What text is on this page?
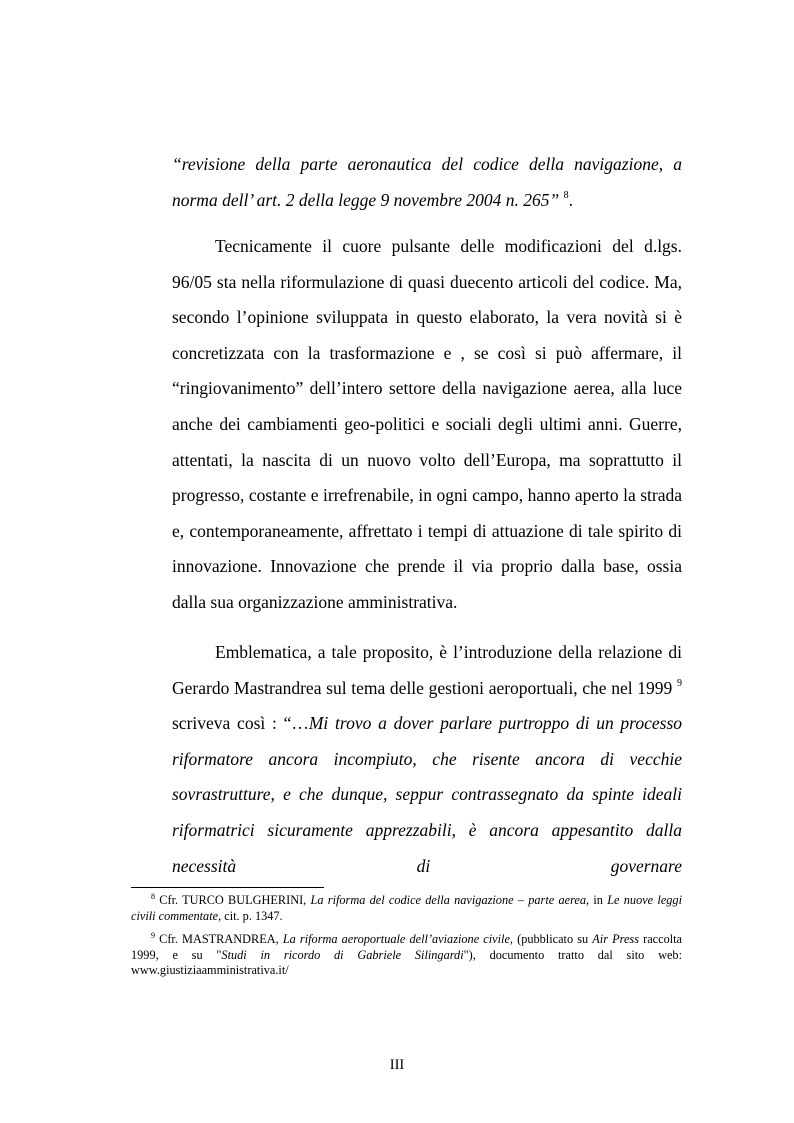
“revisione della parte aeronautica del codice della navigazione, a norma dell’ art. 2 della legge 9 novembre 2004 n. 265” $^8$.
Tecnicamente il cuore pulsante delle modificazioni del d.lgs. 96/05 sta nella riformulazione di quasi duecento articoli del codice. Ma, secondo l’opinione sviluppata in questo elaborato, la vera novità si è concretizzata con la trasformazione e , se così si può affermare, il “ringiovanimento” dell’intero settore della navigazione aerea, alla luce anche dei cambiamenti geo-politici e sociali degli ultimi anni. Guerre, attentati, la nascita di un nuovo volto dell’Europa, ma soprattutto il progresso, costante e irrefrenabile, in ogni campo, hanno aperto la strada e, contemporaneamente, affrettato i tempi di attuazione di tale spirito di innovazione. Innovazione che prende il via proprio dalla base, ossia dalla sua organizzazione amministrativa.
Emblematica, a tale proposito, è l’introduzione della relazione di Gerardo Mastrandrea sul tema delle gestioni aeroportuali, che nel 1999 $^9$ scriveva così : “…Mi trovo a dover parlare purtroppo di un processo riformatore ancora incompiuto, che risente ancora di vecchie sovrastrutture, e che dunque, seppur contrassegnato da spinte ideali riformatrici sicuramente apprezzabili, è ancora appesantito dalla necessità di governare

$^8$ Cfr. TURCO BULGHERINI, La riforma del codice della navigazione – parte aerea, in Le nuove leggi civili commentate, cit. p. 1347.

$^9$ Cfr. MASTRANDREA, La riforma aeroportuale dell’aviazione civile, (pubblicato su Air Press raccolta 1999, e su "Studi in ricordo di Gabriele Silingardi"), documento tratto dal sito web: www.giustiziaamministrativa.it/

III
